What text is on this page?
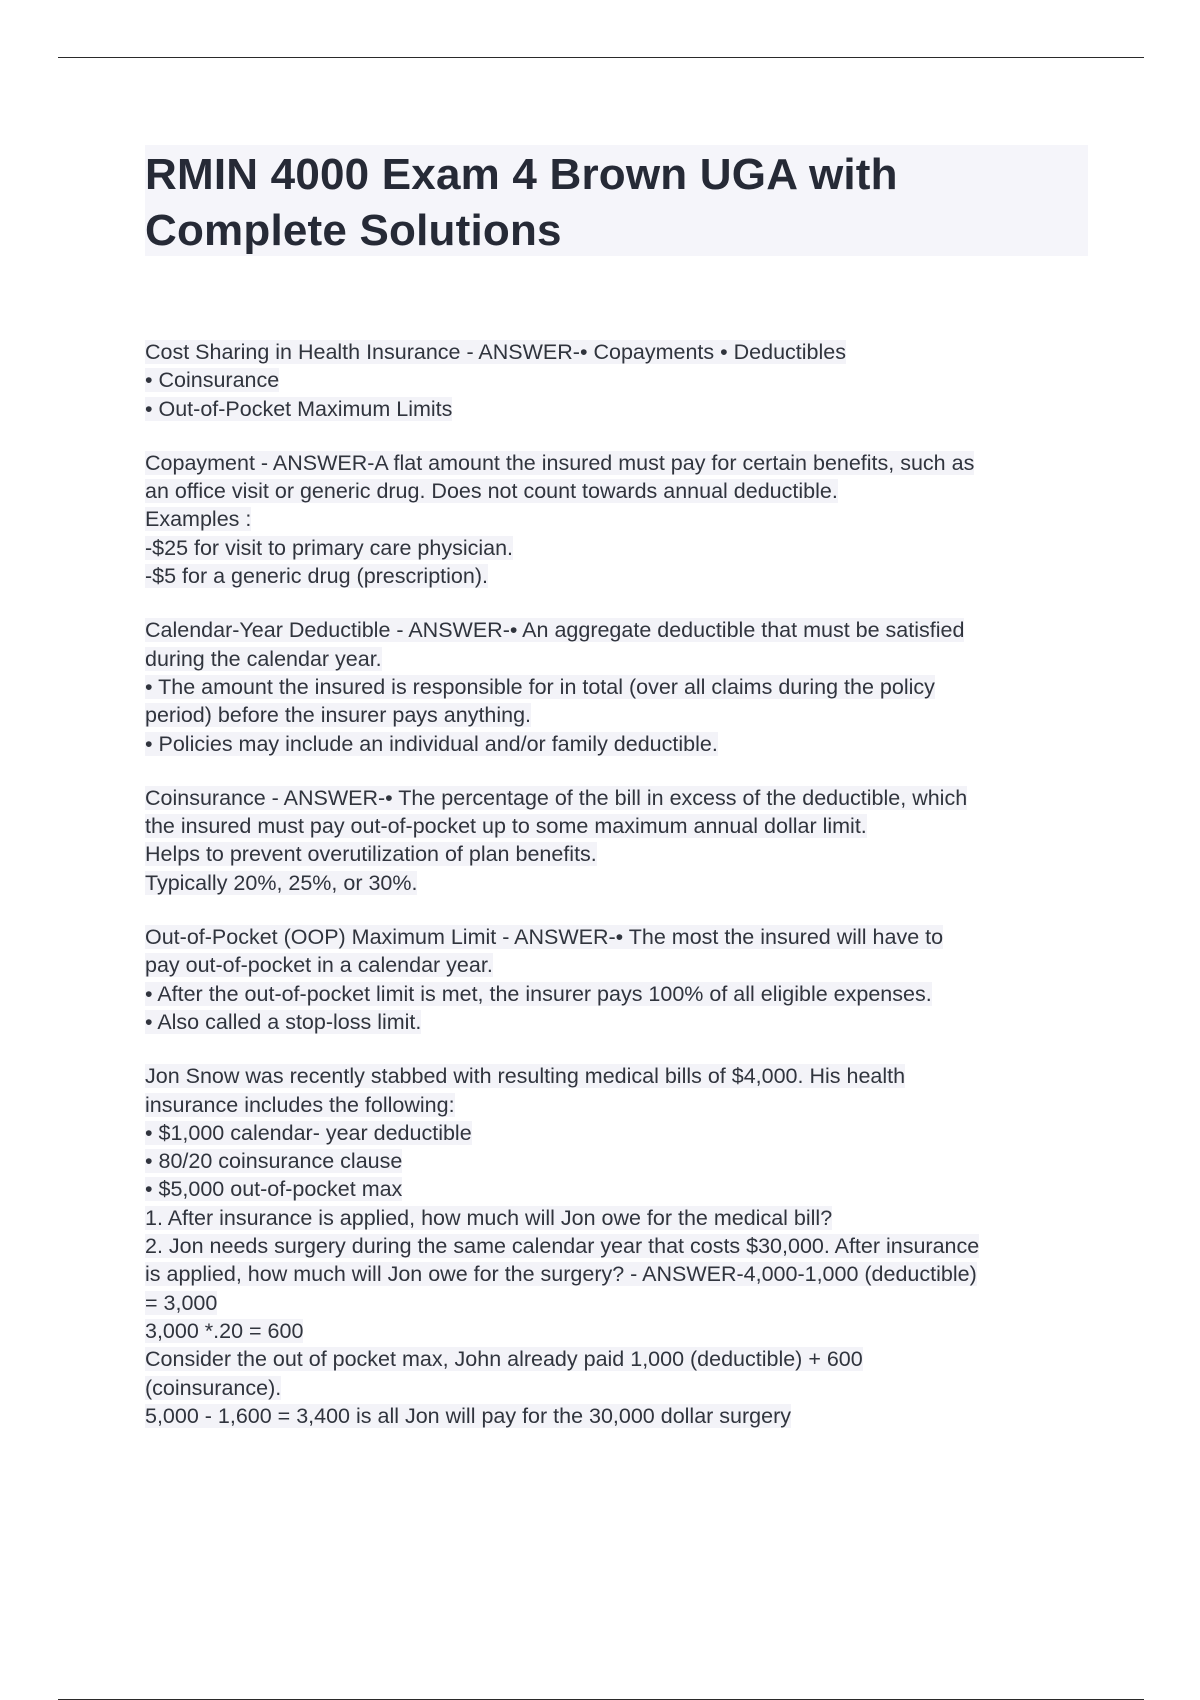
RMIN 4000 Exam 4 Brown UGA with
Complete Solutions
Cost Sharing in Health Insurance - ANSWER-• Copayments • Deductibles
• Coinsurance
• Out-of-Pocket Maximum Limits
Copayment - ANSWER-A flat amount the insured must pay for certain benefits, such as
an office visit or generic drug. Does not count towards annual deductible.
Examples :
-$25 for visit to primary care physician.
-$5 for a generic drug (prescription).
Calendar-Year Deductible - ANSWER-• An aggregate deductible that must be satisfied
during the calendar year.
• The amount the insured is responsible for in total (over all claims during the policy
period) before the insurer pays anything.
• Policies may include an individual and/or family deductible.
Coinsurance - ANSWER-• The percentage of the bill in excess of the deductible, which
the insured must pay out-of-pocket up to some maximum annual dollar limit.
Helps to prevent overutilization of plan benefits.
Typically 20%, 25%, or 30%.
Out-of-Pocket (OOP) Maximum Limit - ANSWER-• The most the insured will have to
pay out-of-pocket in a calendar year.
• After the out-of-pocket limit is met, the insurer pays 100% of all eligible expenses.
• Also called a stop-loss limit.
Jon Snow was recently stabbed with resulting medical bills of $4,000. His health
insurance includes the following:
• $1,000 calendar- year deductible
• 80/20 coinsurance clause
• $5,000 out-of-pocket max
1. After insurance is applied, how much will Jon owe for the medical bill?
2. Jon needs surgery during the same calendar year that costs $30,000. After insurance
is applied, how much will Jon owe for the surgery? - ANSWER-4,000-1,000 (deductible)
= 3,000
3,000 *.20 = 600
Consider the out of pocket max, John already paid 1,000 (deductible) + 600
(coinsurance).
5,000 - 1,600 = 3,400 is all Jon will pay for the 30,000 dollar surgery
